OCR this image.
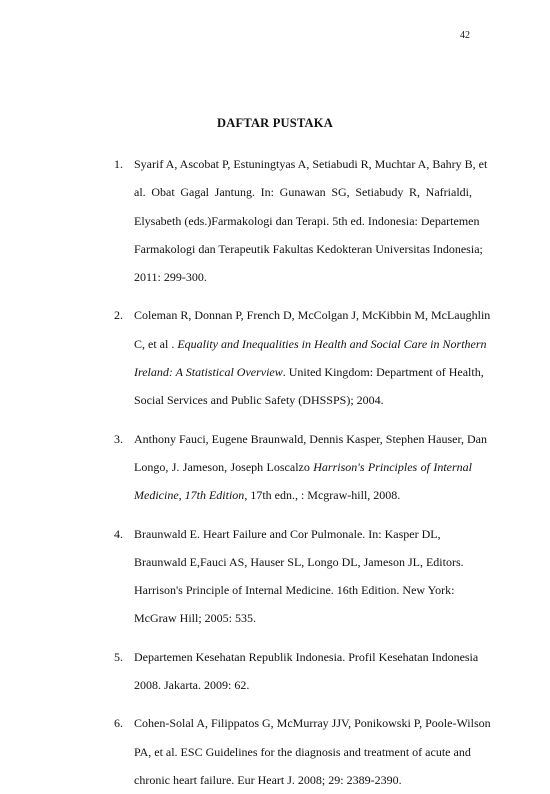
42
DAFTAR PUSTAKA
1. Syarif A, Ascobat P, Estuningtyas A, Setiabudi R, Muchtar A, Bahry B, et
al. Obat Gagal Jantung. In: Gunawan SG, Setiabudy R, Nafrialdi,
Elysabeth (eds.)Farmakologi dan Terapi. 5th ed. Indonesia: Departemen
Farmakologi dan Terapeutik Fakultas Kedokteran Universitas Indonesia;
2011: 299-300.
2. Coleman R, Donnan P, French D, McColgan J, McKibbin M, McLaughlin
C, et al . Equality and Inequalities in Health and Social Care in Northern
Ireland: A Statistical Overview. United Kingdom: Department of Health,
Social Services and Public Safety (DHSSPS); 2004.
3. Anthony Fauci, Eugene Braunwald, Dennis Kasper, Stephen Hauser, Dan
Longo, J. Jameson, Joseph Loscalzo Harrison's Principles of Internal
Medicine, 17th Edition, 17th edn., : Mcgraw-hill, 2008.
4. Braunwald E. Heart Failure and Cor Pulmonale. In: Kasper DL,
Braunwald E,Fauci AS, Hauser SL, Longo DL, Jameson JL, Editors.
Harrison's Principle of Internal Medicine. 16th Edition. New York:
McGraw Hill; 2005: 535.
5. Departemen Kesehatan Republik Indonesia. Profil Kesehatan Indonesia
2008. Jakarta. 2009: 62.
6. Cohen-Solal A, Filippatos G, McMurray JJV, Ponikowski P, Poole-Wilson
PA, et al. ESC Guidelines for the diagnosis and treatment of acute and
chronic heart failure. Eur Heart J. 2008; 29: 2389-2390.
